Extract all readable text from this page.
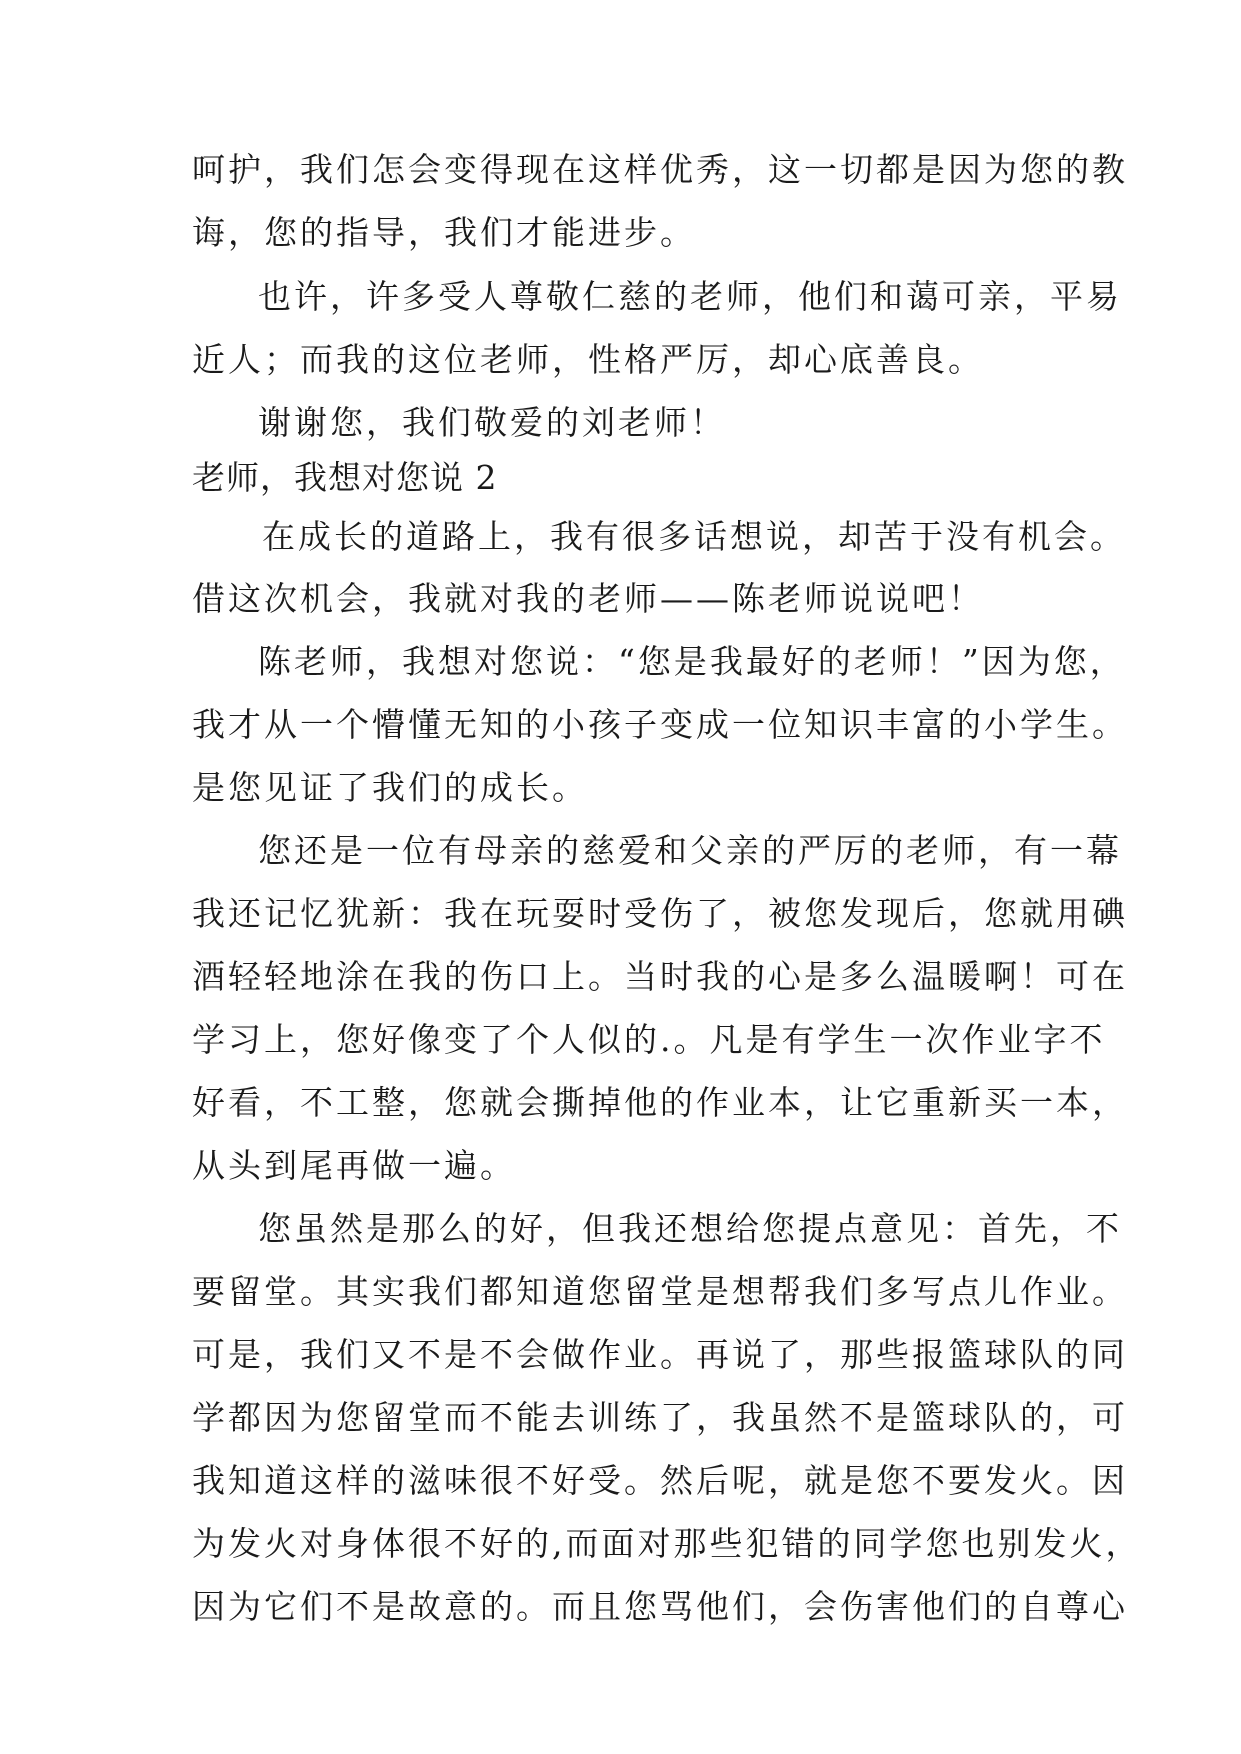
呵护，我们怎会变得现在这样优秀，这一切都是因为您的教
诲，您的指导，我们才能进步。
也许，许多受人尊敬仁慈的老师，他们和蔼可亲，平易
近人；而我的这位老师，性格严厉，却心底善良。
谢谢您，我们敬爱的刘老师！
老师，我想对您说 2
在成长的道路上，我有很多话想说，却苦于没有机会。
借这次机会，我就对我的老师——陈老师说说吧！
陈老师，我想对您说：“您是我最好的老师！”因为您，
我才从一个懵懂无知的小孩子变成一位知识丰富的小学生。
是您见证了我们的成长。
您还是一位有母亲的慈爱和父亲的严厉的老师，有一幕
我还记忆犹新：我在玩耍时受伤了，被您发现后，您就用碘
酒轻轻地涂在我的伤口上。当时我的心是多么温暖啊！可在
学习上，您好像变了个人似的.。凡是有学生一次作业字不
好看，不工整，您就会撕掉他的作业本，让它重新买一本，
从头到尾再做一遍。
您虽然是那么的好，但我还想给您提点意见：首先，不
要留堂。其实我们都知道您留堂是想帮我们多写点儿作业。
可是，我们又不是不会做作业。再说了，那些报篮球队的同
学都因为您留堂而不能去训练了，我虽然不是篮球队的，可
我知道这样的滋味很不好受。然后呢，就是您不要发火。因
为发火对身体很不好的,而面对那些犯错的同学您也别发火，
因为它们不是故意的。而且您骂他们，会伤害他们的自尊心
